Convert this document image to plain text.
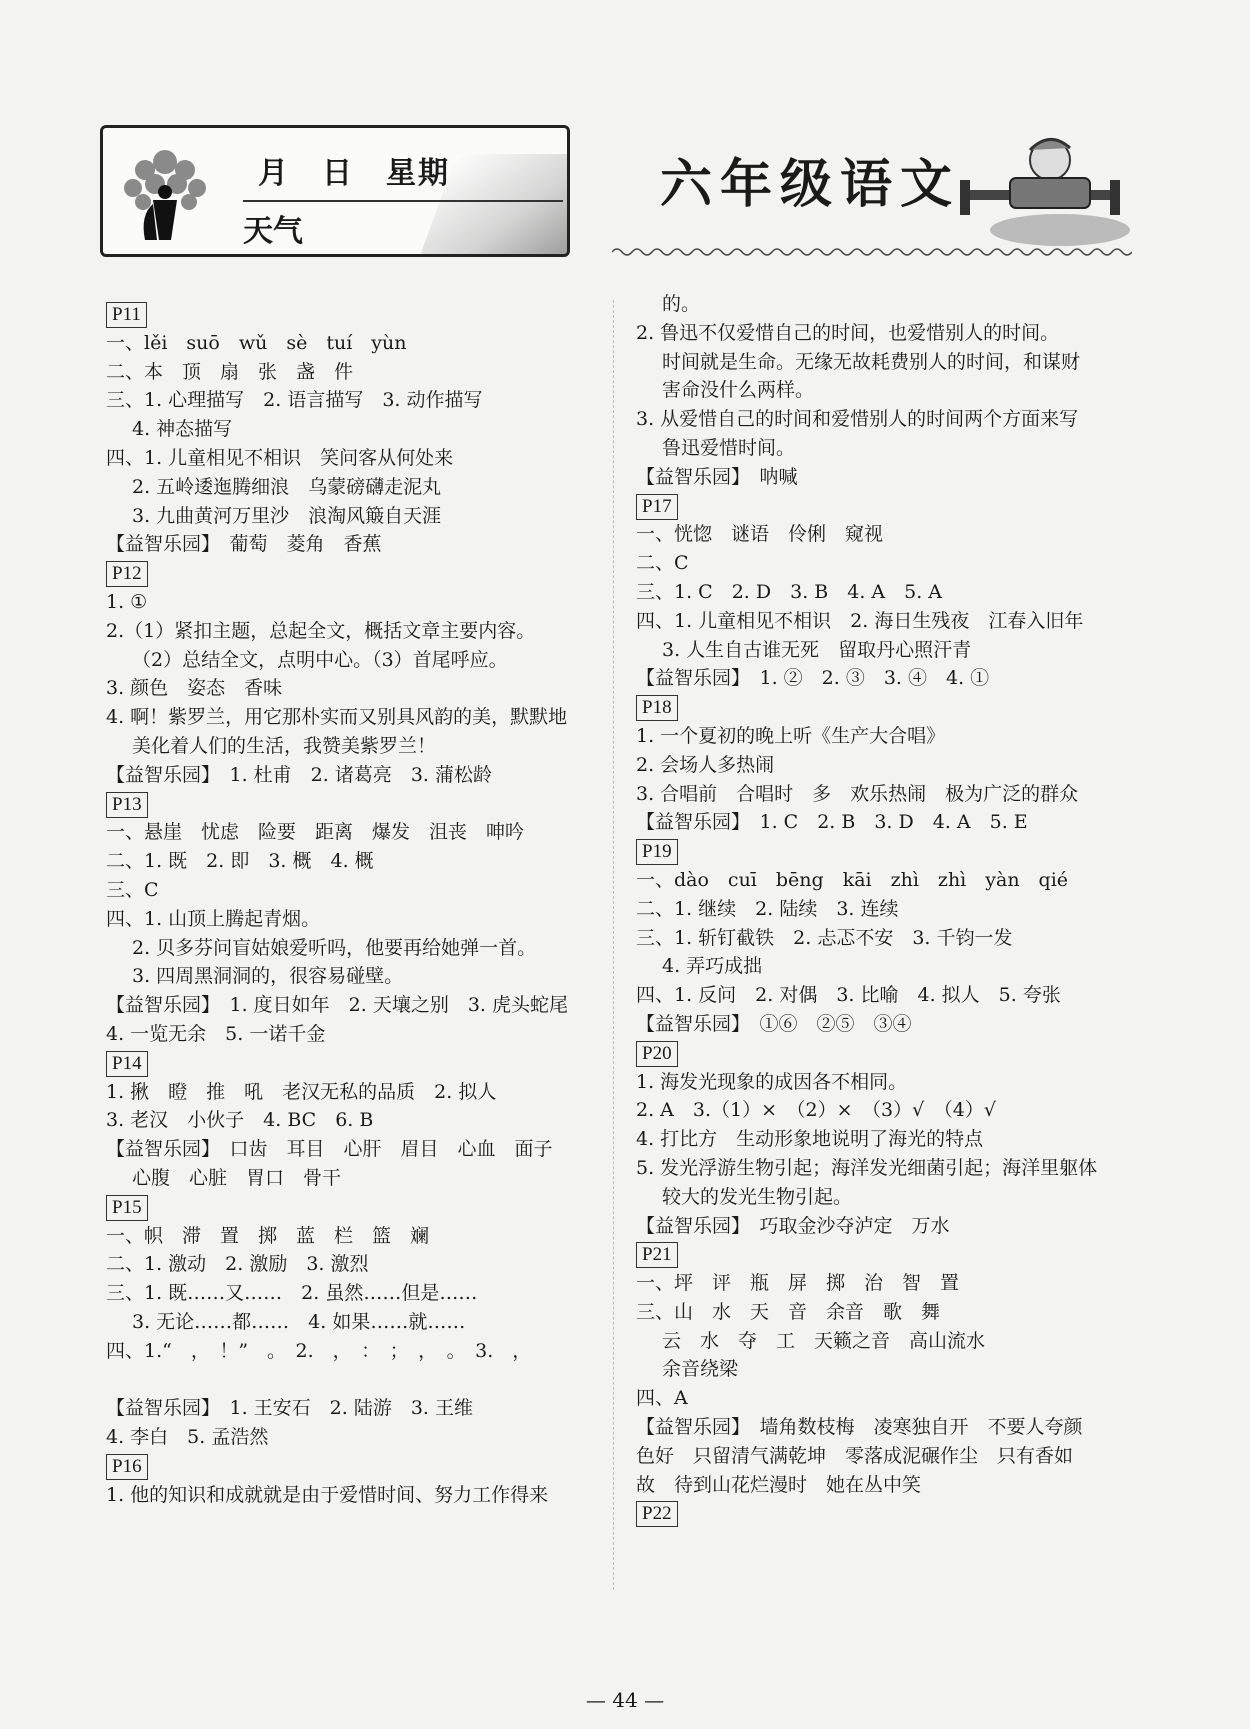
月　日　星期
天气
六年级语文
P11
一、lěi　suō　wǔ　sè　tuí　yùn
二、本　顶　扇　张　盏　件
三、1. 心理描写　2. 语言描写　3. 动作描写
4. 神态描写
四、1. 儿童相见不相识　笑问客从何处来
2. 五岭逶迤腾细浪　乌蒙磅礴走泥丸
3. 九曲黄河万里沙　浪淘风簸自天涯
【益智乐园】　葡萄　菱角　香蕉
P12
1. ①
2.（1）紧扣主题，总起全文，概括文章主要内容。
（2）总结全文，点明中心。（3）首尾呼应。
3. 颜色　姿态　香味
4. 啊！紫罗兰，用它那朴实而又别具风韵的美，默默地
美化着人们的生活，我赞美紫罗兰！
【益智乐园】　1. 杜甫　2. 诸葛亮　3. 蒲松龄
P13
一、悬崖　忧虑　险要　距离　爆发　沮丧　呻吟
二、1. 既　2. 即　3. 概　4. 概
三、C
四、1. 山顶上腾起青烟。
2. 贝多芬问盲姑娘爱听吗，他要再给她弹一首。
3. 四周黑洞洞的，很容易碰壁。
【益智乐园】　1. 度日如年　2. 天壤之别　3. 虎头蛇尾
4. 一览无余　5. 一诺千金
P14
1. 揪　瞪　推　吼　老汉无私的品质　2. 拟人
3. 老汉　小伙子　4. BC　6. B
【益智乐园】　口齿　耳目　心肝　眉目　心血　面子
心腹　心脏　胃口　骨干
P15
一、帜　滞　置　掷　蓝　栏　篮　斓
二、1. 激动　2. 激励　3. 激烈
三、1. 既……又……　2. 虽然……但是……
3. 无论……都……　4. 如果……就……
四、1.“　，　！”　。　2.　，　：　；　，　。　3.　，
【益智乐园】　1. 王安石　2. 陆游　3. 王维
4. 李白　5. 孟浩然
P16
1. 他的知识和成就就是由于爱惜时间、努力工作得来
的。
2. 鲁迅不仅爱惜自己的时间，也爱惜别人的时间。
时间就是生命。无缘无故耗费别人的时间，和谋财
害命没什么两样。
3. 从爱惜自己的时间和爱惜别人的时间两个方面来写
鲁迅爱惜时间。
【益智乐园】　呐喊
P17
一、恍惚　谜语　伶俐　窥视
二、C
三、1. C　2. D　3. B　4. A　5. A
四、1. 儿童相见不相识　2. 海日生残夜　江春入旧年
3. 人生自古谁无死　留取丹心照汗青
【益智乐园】　1. ②　2. ③　3. ④　4. ①
P18
1. 一个夏初的晚上听《生产大合唱》
2. 会场人多热闹
3. 合唱前　合唱时　多　欢乐热闹　极为广泛的群众
【益智乐园】　1. C　2. B　3. D　4. A　5. E
P19
一、dào　cuī　bēng　kāi　zhì　zhì　yàn　qié
二、1. 继续　2. 陆续　3. 连续
三、1. 斩钉截铁　2. 忐忑不安　3. 千钧一发
4. 弄巧成拙
四、1. 反问　2. 对偶　3. 比喻　4. 拟人　5. 夸张
【益智乐园】　①⑥　②⑤　③④
P20
1. 海发光现象的成因各不相同。
2. A　3.（1）×　（2）×　（3）√　（4）√
4. 打比方　生动形象地说明了海光的特点
5. 发光浮游生物引起；海洋发光细菌引起；海洋里躯体
较大的发光生物引起。
【益智乐园】　巧取金沙夺泸定　万水
P21
一、坪　评　瓶　屏　掷　治　智　置
三、山　水　天　音　余音　歌　舞
云　水　夺　工　天籁之音　高山流水
余音绕梁
四、A
【益智乐园】　墙角数枝梅　凌寒独自开　不要人夸颜
色好　只留清气满乾坤　零落成泥碾作尘　只有香如
故　待到山花烂漫时　她在丛中笑
P22
— 44 —
